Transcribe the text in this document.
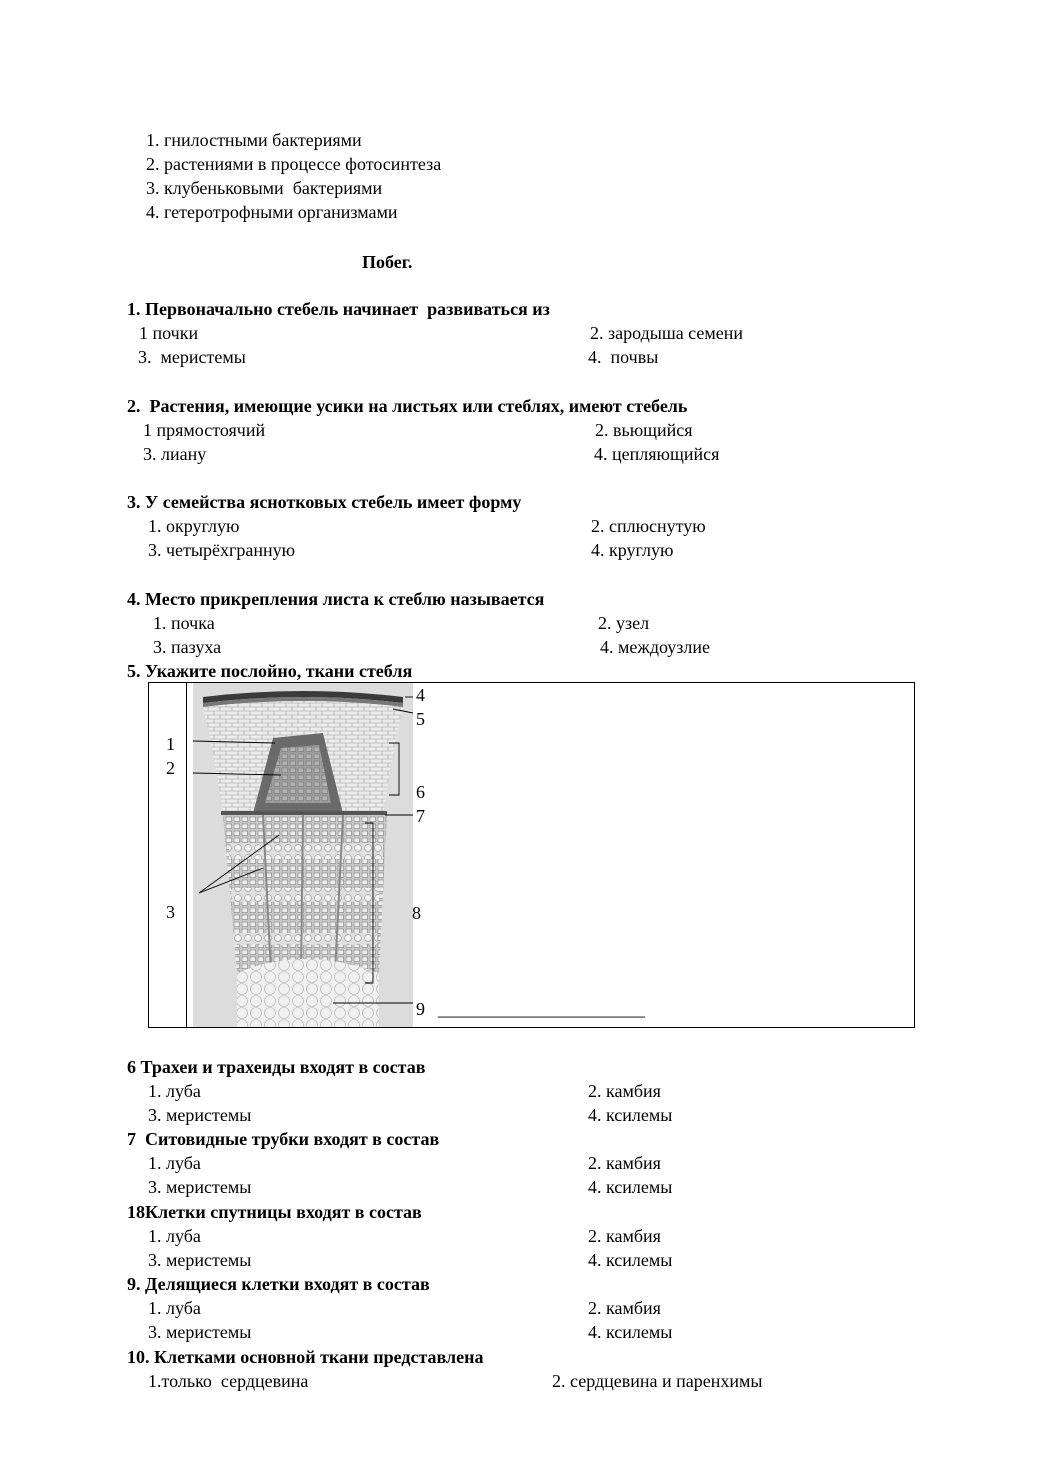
1. гнилостными бактериями
2. растениями в процессе фотосинтеза
3. клубеньковыми  бактериями
4. гетеротрофными организмами
Побег.
1. Первоначально стебель начинает  развиваться из
1 почки	2. зародыша семени
3.  меристемы	4.  почвы
2.  Растения, имеющие усики на листьях или стеблях, имеют стебель
1 прямостоячий	2. вьющийся
3. лиану	4. цепляющийся
3. У семейства яснотковых стебель имеет форму
1. округлую	2. сплюснутую
3. четырёхгранную	4. круглую
4. Место прикрепления листа к стеблю называется
1. почка	2. узел
3. пазуха	4. междоузлие
5. Укажите послойно, ткани стебля
1
2
3
4
5
6
7
8
9 _______________________
6 Трахеи и трахеиды входят в состав
1. луба	2. камбия
3. меристемы	4. ксилемы
7  Ситовидные трубки входят в состав
1. луба	2. камбия
3. меристемы	4. ксилемы
18Клетки спутницы входят в состав
1. луба	2. камбия
3. меристемы	4. ксилемы
9. Делящиеся клетки входят в состав
1. луба	2. камбия
3. меристемы	4. ксилемы
10. Клетками основной ткани представлена
1.только  сердцевина	2. сердцевина и паренхимы
